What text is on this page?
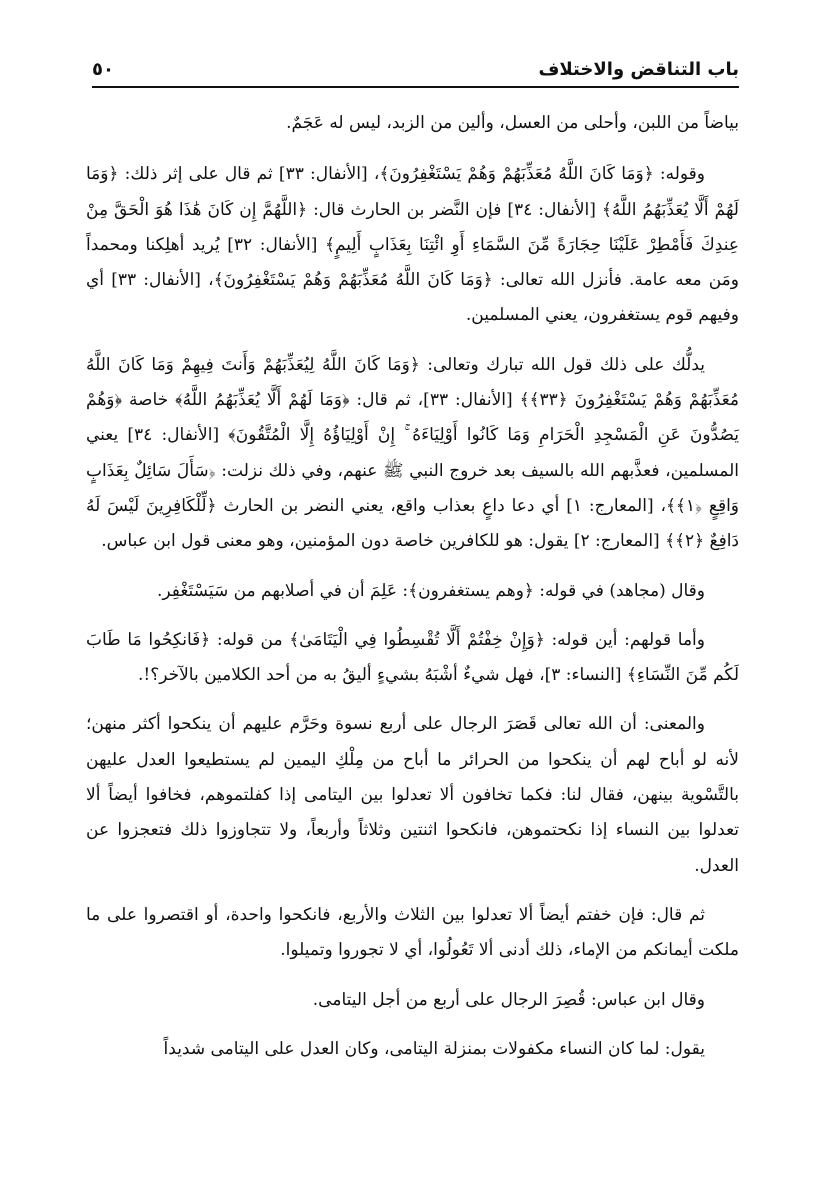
باب التناقض والاختلاف
٥٠

بياضاً من اللبن، وأحلى من العسل، وألين من الزبد، ليس له عَجَمٌ.

وقوله: ﴿وَمَا كَانَ اللَّهُ مُعَذِّبَهُمْ وَهُمْ يَسْتَغْفِرُونَ﴾، [الأنفال: ٣٣] ثم قال على إثر ذلك: ﴿وَمَا لَهُمْ أَلَّا يُعَذِّبَهُمُ اللَّهُ﴾ [الأنفال: ٣٤] فإن النَّضر بن الحارث قال: ﴿اللَّهُمَّ إِن كَانَ هَٰذَا هُوَ الْحَقَّ مِنْ عِندِكَ فَأَمْطِرْ عَلَيْنَا حِجَارَةً مِّنَ السَّمَاءِ أَوِ ائْتِنَا بِعَذَابٍ أَلِيمٍ﴾ [الأنفال: ٣٢] يُريد أهلِكنا ومحمداً ومَن معه عامة. فأنزل الله تعالى: ﴿وَمَا كَانَ اللَّهُ مُعَذِّبَهُمْ وَهُمْ يَسْتَغْفِرُونَ﴾، [الأنفال: ٣٣] أي وفيهم قوم يستغفرون، يعني المسلمين.

يدلُّك على ذلك قول الله تبارك وتعالى: ﴿وَمَا كَانَ اللَّهُ لِيُعَذِّبَهُمْ وَأَنتَ فِيهِمْ وَمَا كَانَ اللَّهُ مُعَذِّبَهُمْ وَهُمْ يَسْتَغْفِرُونَ ﴿٣٣﴾﴾ [الأنفال: ٣٣]، ثم قال: ﴿وَمَا لَهُمْ أَلَّا يُعَذِّبَهُمُ اللَّهُ﴾ خاصة ﴿وَهُمْ يَصُدُّونَ عَنِ الْمَسْجِدِ الْحَرَامِ وَمَا كَانُوا أَوْلِيَاءَهُ ۚ إِنْ أَوْلِيَاؤُهُ إِلَّا الْمُتَّقُونَ﴾ [الأنفال: ٣٤] يعني المسلمين، فعذَّبهم الله بالسيف بعد خروج النبي ﷺ عنهم، وفي ذلك نزلت: ﴿سَأَلَ سَائِلٌ بِعَذَابٍ وَاقِعٍ ﴿١﴾﴾، [المعارج: ١] أي دعا داعٍ بعذاب واقع، يعني النضر بن الحارث ﴿لِّلْكَافِرِينَ لَيْسَ لَهُ دَافِعٌ ﴿٢﴾﴾ [المعارج: ٢] يقول: هو للكافرين خاصة دون المؤمنين، وهو معنى قول ابن عباس.

وقال (مجاهد) في قوله: ﴿وهم يستغفرون﴾: عَلِمَ أن في أصلابهم من سَيَسْتَغْفِر.

وأما قولهم: أين قوله: ﴿وَإِنْ خِفْتُمْ أَلَّا تُقْسِطُوا فِي الْيَتَامَىٰ﴾ من قوله: ﴿فَانكِحُوا مَا طَابَ لَكُم مِّنَ النِّسَاءِ﴾ [النساء: ٣]، فهل شيءٌ أشْبَهُ بشيءٍ أليقُ به من أحد الكلامين بالآخر؟!.

والمعنى: أن الله تعالى قَصَرَ الرجال على أربع نسوة وحَرَّم عليهم أن ينكحوا أكثر منهن؛ لأنه لو أباح لهم أن ينكحوا من الحرائر ما أباح من مِلْكِ اليمين لم يستطيعوا العدل عليهن بالتَّسْوية بينهن، فقال لنا: فكما تخافون ألا تعدلوا بين اليتامى إذا كفلتموهم، فخافوا أيضاً ألا تعدلوا بين النساء إذا نكحتموهن، فانكحوا اثنتين وثلاثاً وأربعاً، ولا تتجاوزوا ذلك فتعجزوا عن العدل.

ثم قال: فإن خفتم أيضاً ألا تعدلوا بين الثلاث والأربع، فانكحوا واحدة، أو اقتصروا على ما ملكت أيمانكم من الإماء، ذلك أدنى ألا تَعُولُوا، أي لا تجوروا وتميلوا.

وقال ابن عباس: قُصِرَ الرجال على أربع من أجل اليتامى.

يقول: لما كان النساء مكفولات بمنزلة اليتامى، وكان العدل على اليتامى شديداً
